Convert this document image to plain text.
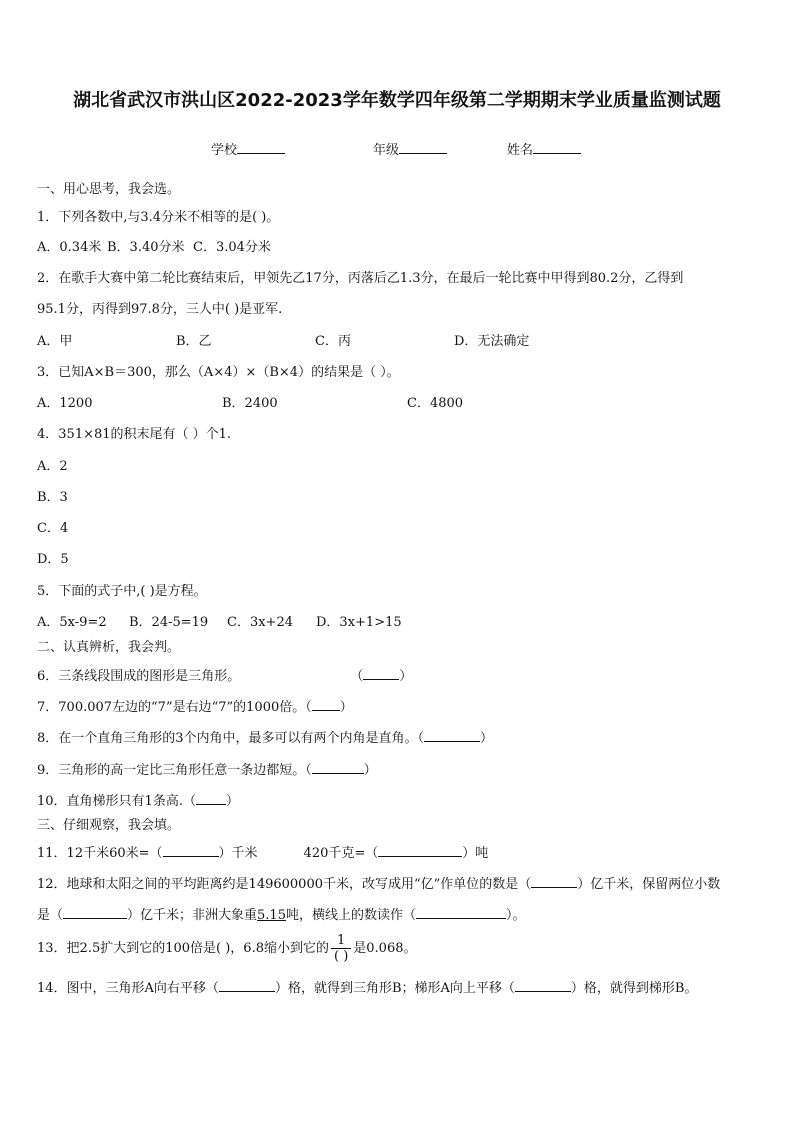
湖北省武汉市洪山区2022-2023学年数学四年级第二学期期末学业质量监测试题
学校	年级	姓名
一、用心思考，我会选。
1．下列各数中,与3.4分米不相等的是( )。
A．0.34米 B．3.40分米 C．3.04分米
2．在歌手大赛中第二轮比赛结束后，甲领先乙17分，丙落后乙1.3分，在最后一轮比赛中甲得到80.2分，乙得到
95.1分，丙得到97.8分，三人中( )是亚军.
A．甲	B．乙	C．丙	D．无法确定
3．已知A×B＝300，那么（A×4）×（B×4）的结果是（ ）。
A．1200	B．2400	C．4800
4．351×81的积末尾有（ ）个1.
A．2
B．3
C．4
D．5
5．下面的式子中,( )是方程。
A．5x-9=2 B．24-5=19 C．3x+24 D．3x+1>15
二、认真辨析，我会判。
6．三条线段围成的图形是三角形。	（	）
7．700.007左边的“7”是右边“7”的1000倍。（ ）
8．在一个直角三角形的3个内角中，最多可以有两个内角是直角。（	）
9．三角形的高一定比三角形任意一条边都短。（	）
10．直角梯形只有1条高.（ ）
三、仔细观察，我会填。
11．12千米60米=（	）千米	420千克=（	）吨
12．地球和太阳之间的平均距离约是149600000千米，改写成用“亿”作单位的数是（	）亿千米，保留两位小数
是（	）亿千米；非洲大象重5.15吨，横线上的数读作（	）。
13．把2.5扩大到它的100倍是( )，6.8缩小到它的 $\frac{1}{( )}$ 是0.068。
14．图中，三角形A向右平移（	）格，就得到三角形B；梯形A向上平移（	）格，就得到梯形B。
